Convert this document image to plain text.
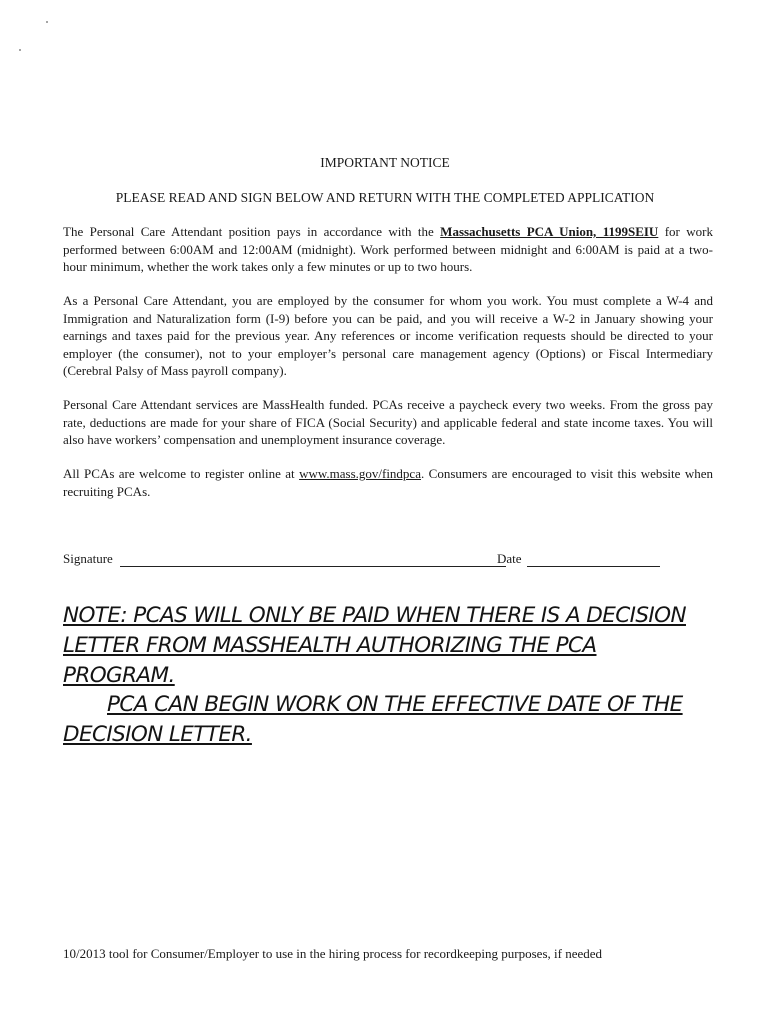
IMPORTANT NOTICE
PLEASE READ AND SIGN BELOW AND RETURN WITH THE COMPLETED APPLICATION
The Personal Care Attendant position pays in accordance with the Massachusetts PCA Union, 1199SEIU for work performed between 6:00AM and 12:00AM (midnight). Work performed between midnight and 6:00AM is paid at a two-hour minimum, whether the work takes only a few minutes or up to two hours.
As a Personal Care Attendant, you are employed by the consumer for whom you work. You must complete a W-4 and Immigration and Naturalization form (I-9) before you can be paid, and you will receive a W-2 in January showing your earnings and taxes paid for the previous year. Any references or income verification requests should be directed to your employer (the consumer), not to your employer’s personal care management agency (Options) or Fiscal Intermediary (Cerebral Palsy of Mass payroll company).
Personal Care Attendant services are MassHealth funded. PCAs receive a paycheck every two weeks. From the gross pay rate, deductions are made for your share of FICA (Social Security) and applicable federal and state income taxes. You will also have workers’ compensation and unemployment insurance coverage.
All PCAs are welcome to register online at www.mass.gov/findpca. Consumers are encouraged to visit this website when recruiting PCAs.
Signature	Date
NOTE: PCAS WILL ONLY BE PAID WHEN THERE IS A DECISION
LETTER FROM MASSHEALTH AUTHORIZING THE PCA
PROGRAM.
PCA CAN BEGIN WORK ON THE EFFECTIVE DATE OF THE
DECISION LETTER.
10/2013 tool for Consumer/Employer to use in the hiring process for recordkeeping purposes, if needed
